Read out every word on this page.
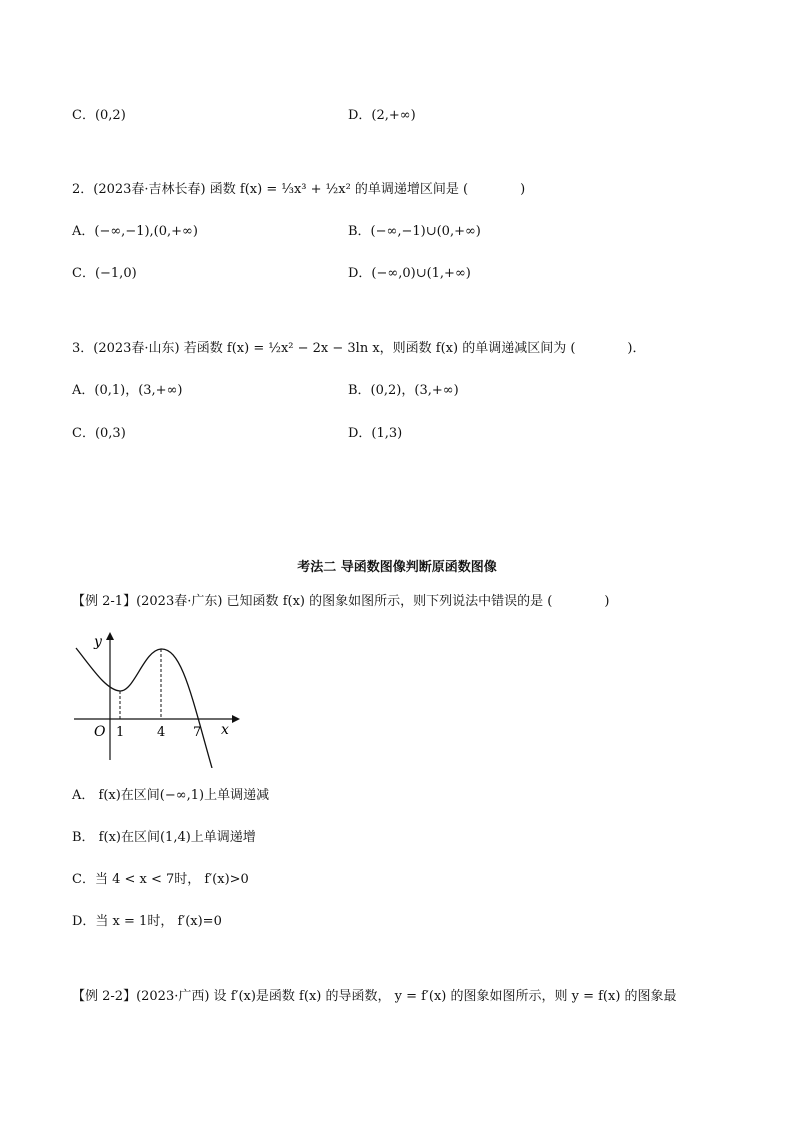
C．(0,2)	D．(2,+∞)
2．(2023春·吉林长春) 函数 f(x) = ⅓x³ + ½x² 的单调递增区间是 (　　　　)
A．(−∞,−1),(0,+∞)	B．(−∞,−1)∪(0,+∞)
C．(−1,0)	D．(−∞,0)∪(1,+∞)
3．(2023春·山东) 若函数 f(x) = ½x² − 2x − 3ln x，则函数 f(x) 的单调递减区间为 (　　　　)．
A．(0,1)，(3,+∞)	B．(0,2)，(3,+∞)
C．(0,3)	D．(1,3)
考法二 导函数图像判断原函数图像
【例 2-1】(2023春·广东) 已知函数 f(x) 的图象如图所示，则下列说法中错误的是 (　　　　)
y
x
O 1	4 7
A． f(x)在区间(−∞,1)上单调递减
B． f(x)在区间(1,4)上单调递增
C．当 4 < x < 7时， f′(x)>0
D．当 x = 1时， f′(x)=0
【例 2-2】(2023·广西) 设 f′(x)是函数 f(x) 的导函数， y = f′(x) 的图象如图所示，则 y = f(x) 的图象最
